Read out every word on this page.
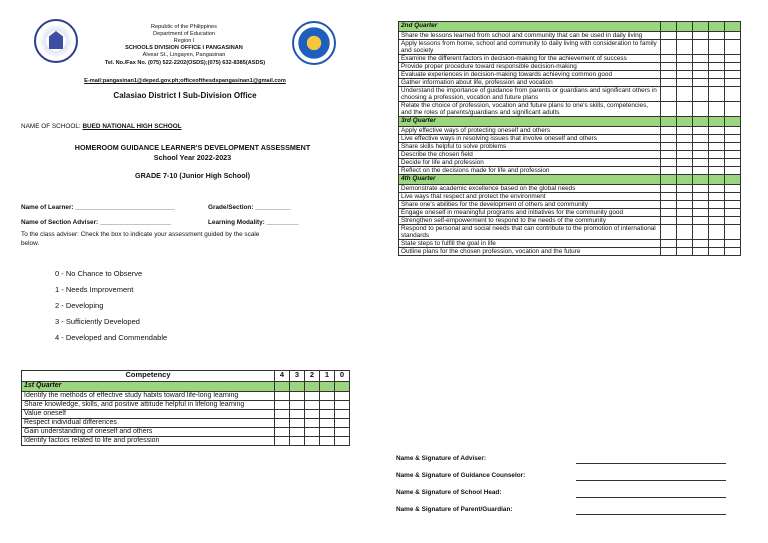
Republic of the Philippines
Department of Education
Region I
SCHOOLS DIVISION OFFICE I PANGASINAN
Alvear St., Lingayen, Pangasinan
Tel. No./Fax No. (075) 522-2202(OSDS);(075) 632-8385(ASDS)
E-mail:pangasinan1@deped.gov.ph;officeofthesdspangasinan1@gmail.com
Calasiao District I Sub-Division Office
NAME OF SCHOOL: BUED NATIONAL HIGH SCHOOL
HOMEROOM GUIDANCE LEARNER'S DEVELOPMENT ASSESSMENT
School Year 2022-2023
GRADE 7-10 (Junior High School)
Name of Learner: ____________________________	Grade/Section: __________
Name of Section Adviser: ____________________	Learning Modality: _________
To the class adviser: Check the box to indicate your assessment guided by the scale
below.
0 - No Chance to Observe
1 - Needs Improvement
2 - Developing
3 - Sufficiently Developed
4 - Developed and Commendable
Competency	4	3	2	1	0
1st Quarter					
Identify the methods of effective study habits toward life-long learning					
Share knowledge, skills, and positive attitude helpful in lifelong learning					
Value oneself					
Respect individual differences					
Gain understanding of oneself and others					
Identify factors related to life and profession					
2nd Quarter					
Share the lessons learned from school and community that can be used in daily living					
Apply lessons from home, school and community to daily living with consideration to family and society					
Examine the different factors in decision-making for the achievement of success					
Provide proper procedure toward responsible decision-making					
Evaluate experiences in decision-making towards achieving common good					
Gather information about life, profession and vocation					
Understand the importance of guidance from parents or guardians and significant others in choosing a profession, vocation and future plans					
Relate the choice of profession, vocation and future plans to one's skills, competencies, and the roles of parents/guardians and significant adults					
3rd Quarter					
Apply effective ways of protecting oneself and others					
Live effective ways in resolving issues that involve oneself and others					
Share skills helpful to solve problems					
Describe the chosen field					
Decide for life and profession					
Reflect on the decisions made for life and profession					
4th Quarter					
Demonstrate academic excellence based on the global needs					
Live ways that respect and protect the environment					
Share one's abilities for the development of others and community					
Engage oneself in meaningful programs and initiatives for the community good					
Strengthen self-empowerment to respond to the needs of the community					
Respond to personal and social needs that can contribute to the promotion of international standards					
State steps to fulfill the goal in life					
Outline plans for the chosen profession, vocation and the future					
Name & Signature of Adviser:
Name & Signature of Guidance Counselor:
Name & Signature of School Head:
Name & Signature of Parent/Guardian:
